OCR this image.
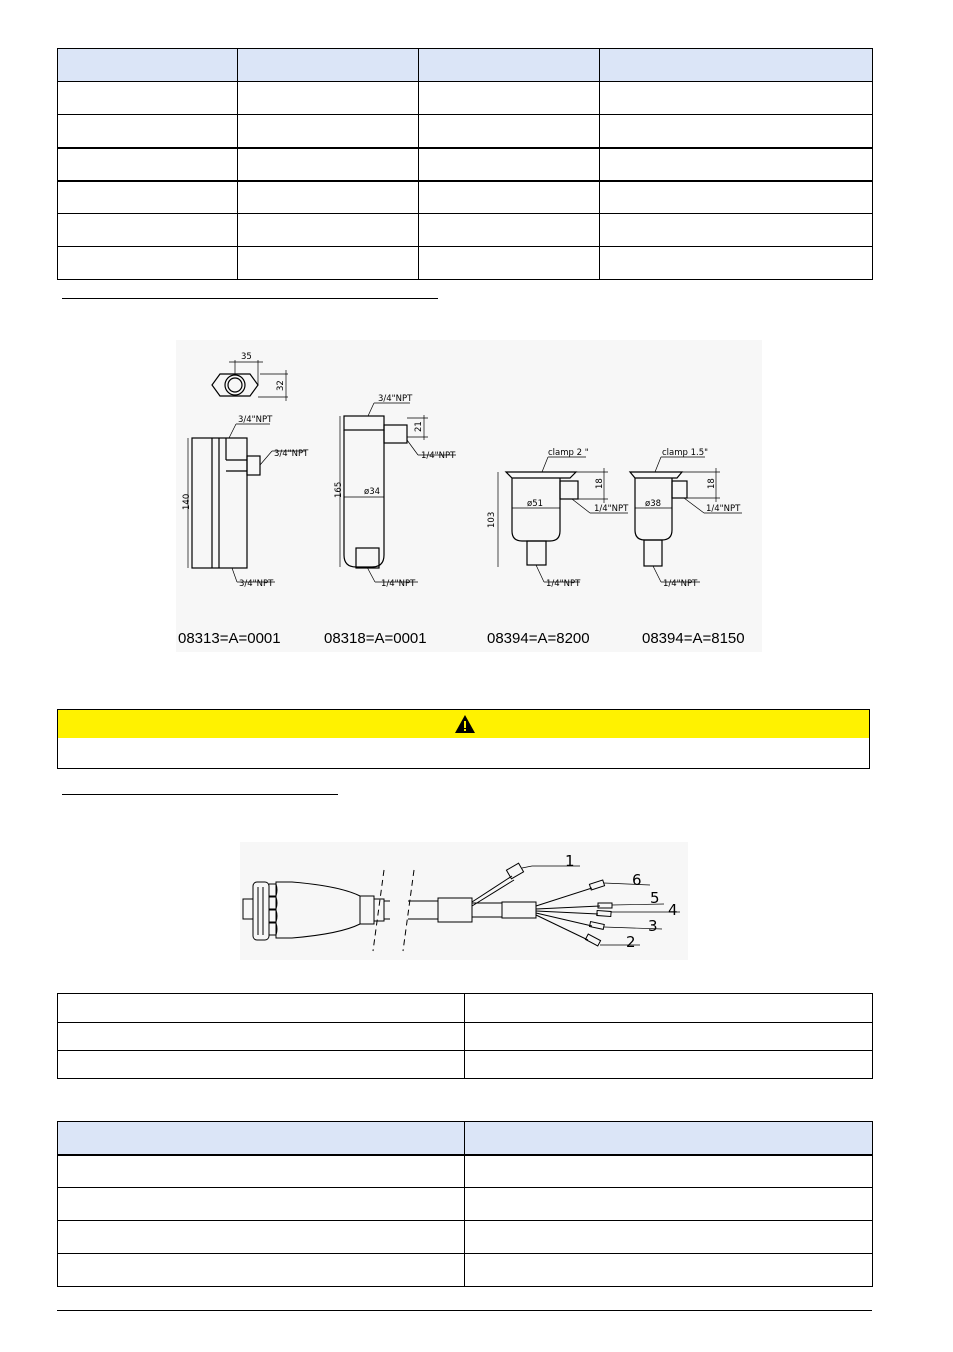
35
32
3/4"NPT
3/4"NPT
140
3/4"NPT
3/4"NPT
21
1/4"NPT
165 ø34
1/4"NPT
clamp 2 "
18
ø51	1/4"NPT
103
1/4"NPT
clamp 1.5"
18
ø38	1/4"NPT
1/4"NPT
08313=A=0001	08318=A=0001	08394=A=8200	08394=A=8150
1
6
5
4
3
2
